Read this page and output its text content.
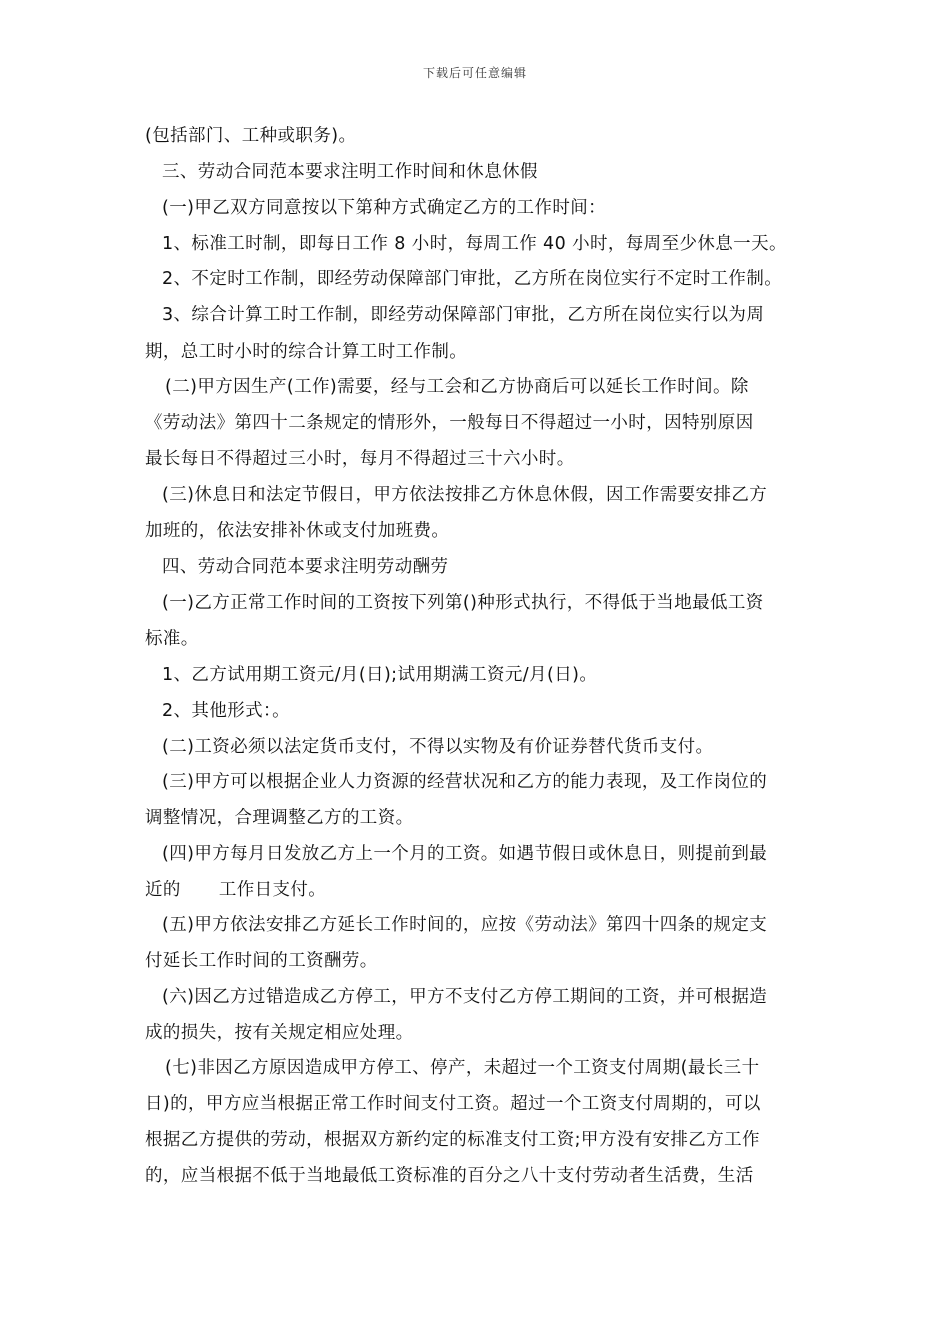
下载后可任意编辑
(包括部门、工种或职务)。
三、劳动合同范本要求注明工作时间和休息休假
(一)甲乙双方同意按以下第种方式确定乙方的工作时间：
1、标准工时制，即每日工作 8 小时，每周工作 40 小时，每周至少休息一天。
2、不定时工作制，即经劳动保障部门审批，乙方所在岗位实行不定时工作制。
3、综合计算工时工作制，即经劳动保障部门审批，乙方所在岗位实行以为周
期，总工时小时的综合计算工时工作制。
(二)甲方因生产(工作)需要，经与工会和乙方协商后可以延长工作时间。除
《劳动法》第四十二条规定的情形外，一般每日不得超过一小时，因特别原因
最长每日不得超过三小时，每月不得超过三十六小时。
(三)休息日和法定节假日，甲方依法按排乙方休息休假，因工作需要安排乙方
加班的，依法安排补休或支付加班费。
四、劳动合同范本要求注明劳动酬劳
(一)乙方正常工作时间的工资按下列第()种形式执行，不得低于当地最低工资
标准。
1、乙方试用期工资元/月(日);试用期满工资元/月(日)。
2、其他形式：。
(二)工资必须以法定货币支付，不得以实物及有价证券替代货币支付。
(三)甲方可以根据企业人力资源的经营状况和乙方的能力表现，及工作岗位的
调整情况，合理调整乙方的工资。
(四)甲方每月日发放乙方上一个月的工资。如遇节假日或休息日，则提前到最
近的 工作日支付。
(五)甲方依法安排乙方延长工作时间的，应按《劳动法》第四十四条的规定支
付延长工作时间的工资酬劳。
(六)因乙方过错造成乙方停工，甲方不支付乙方停工期间的工资，并可根据造
成的损失，按有关规定相应处理。
(七)非因乙方原因造成甲方停工、停产，未超过一个工资支付周期(最长三十
日)的，甲方应当根据正常工作时间支付工资。超过一个工资支付周期的，可以
根据乙方提供的劳动，根据双方新约定的标准支付工资;甲方没有安排乙方工作
的，应当根据不低于当地最低工资标准的百分之八十支付劳动者生活费，生活
